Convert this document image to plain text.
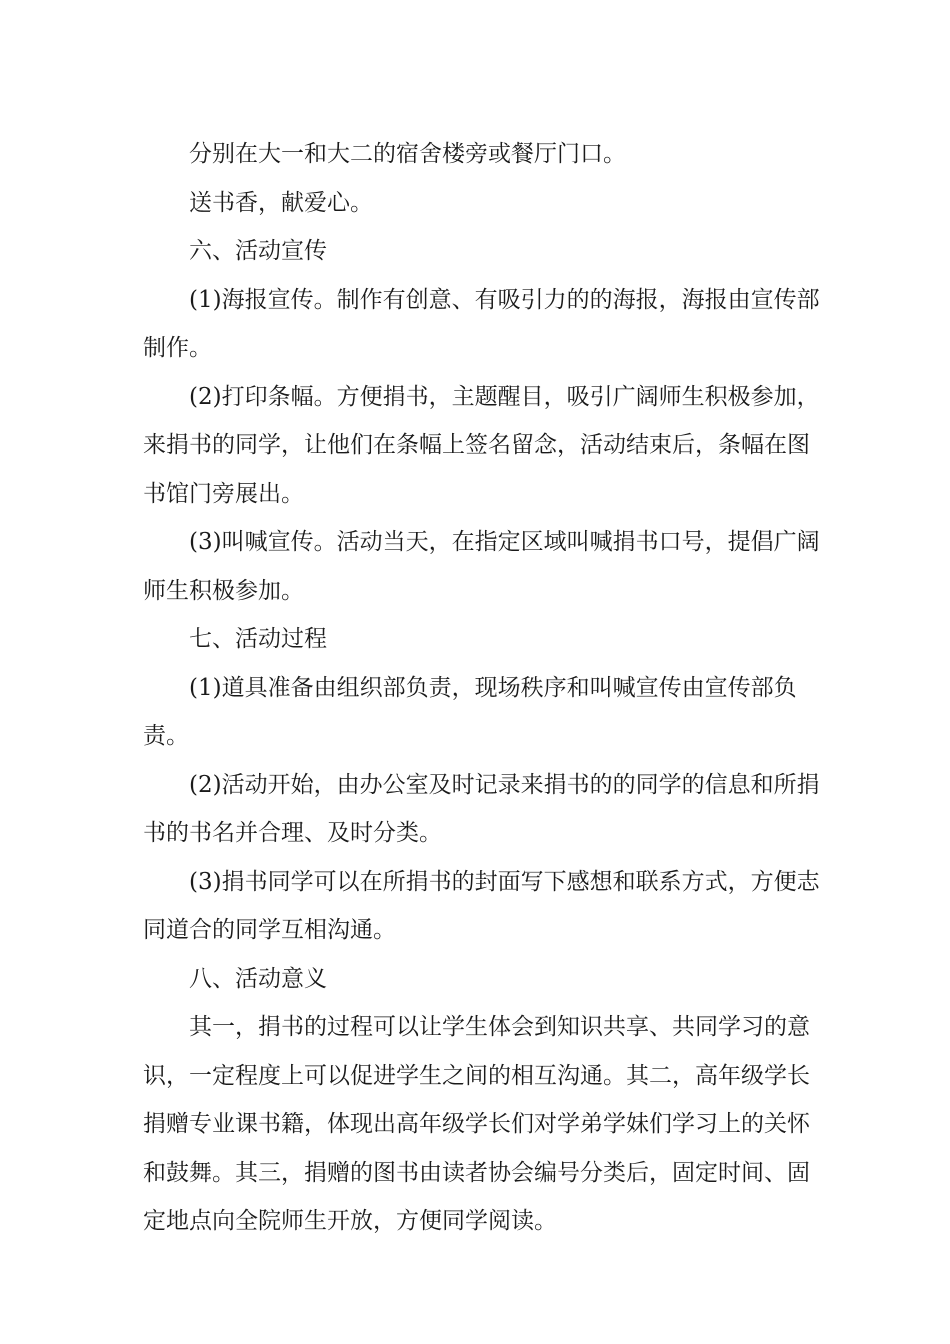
分别在大一和大二的宿舍楼旁或餐厅门口。

送书香，献爱心。

六、活动宣传

(1)海报宣传。制作有创意、有吸引力的的海报，海报由宣传部制作。

(2)打印条幅。方便捐书，主题醒目，吸引广阔师生积极参加，来捐书的同学，让他们在条幅上签名留念，活动结束后，条幅在图书馆门旁展出。

(3)叫喊宣传。活动当天，在指定区域叫喊捐书口号，提倡广阔师生积极参加。

七、活动过程

(1)道具准备由组织部负责，现场秩序和叫喊宣传由宣传部负责。

(2)活动开始，由办公室及时记录来捐书的的同学的信息和所捐书的书名并合理、及时分类。

(3)捐书同学可以在所捐书的封面写下感想和联系方式，方便志同道合的同学互相沟通。

八、活动意义

其一，捐书的过程可以让学生体会到知识共享、共同学习的意识，一定程度上可以促进学生之间的相互沟通。其二，高年级学长捐赠专业课书籍，体现出高年级学长们对学弟学妹们学习上的关怀和鼓舞。其三，捐赠的图书由读者协会编号分类后，固定时间、固定地点向全院师生开放，方便同学阅读。
